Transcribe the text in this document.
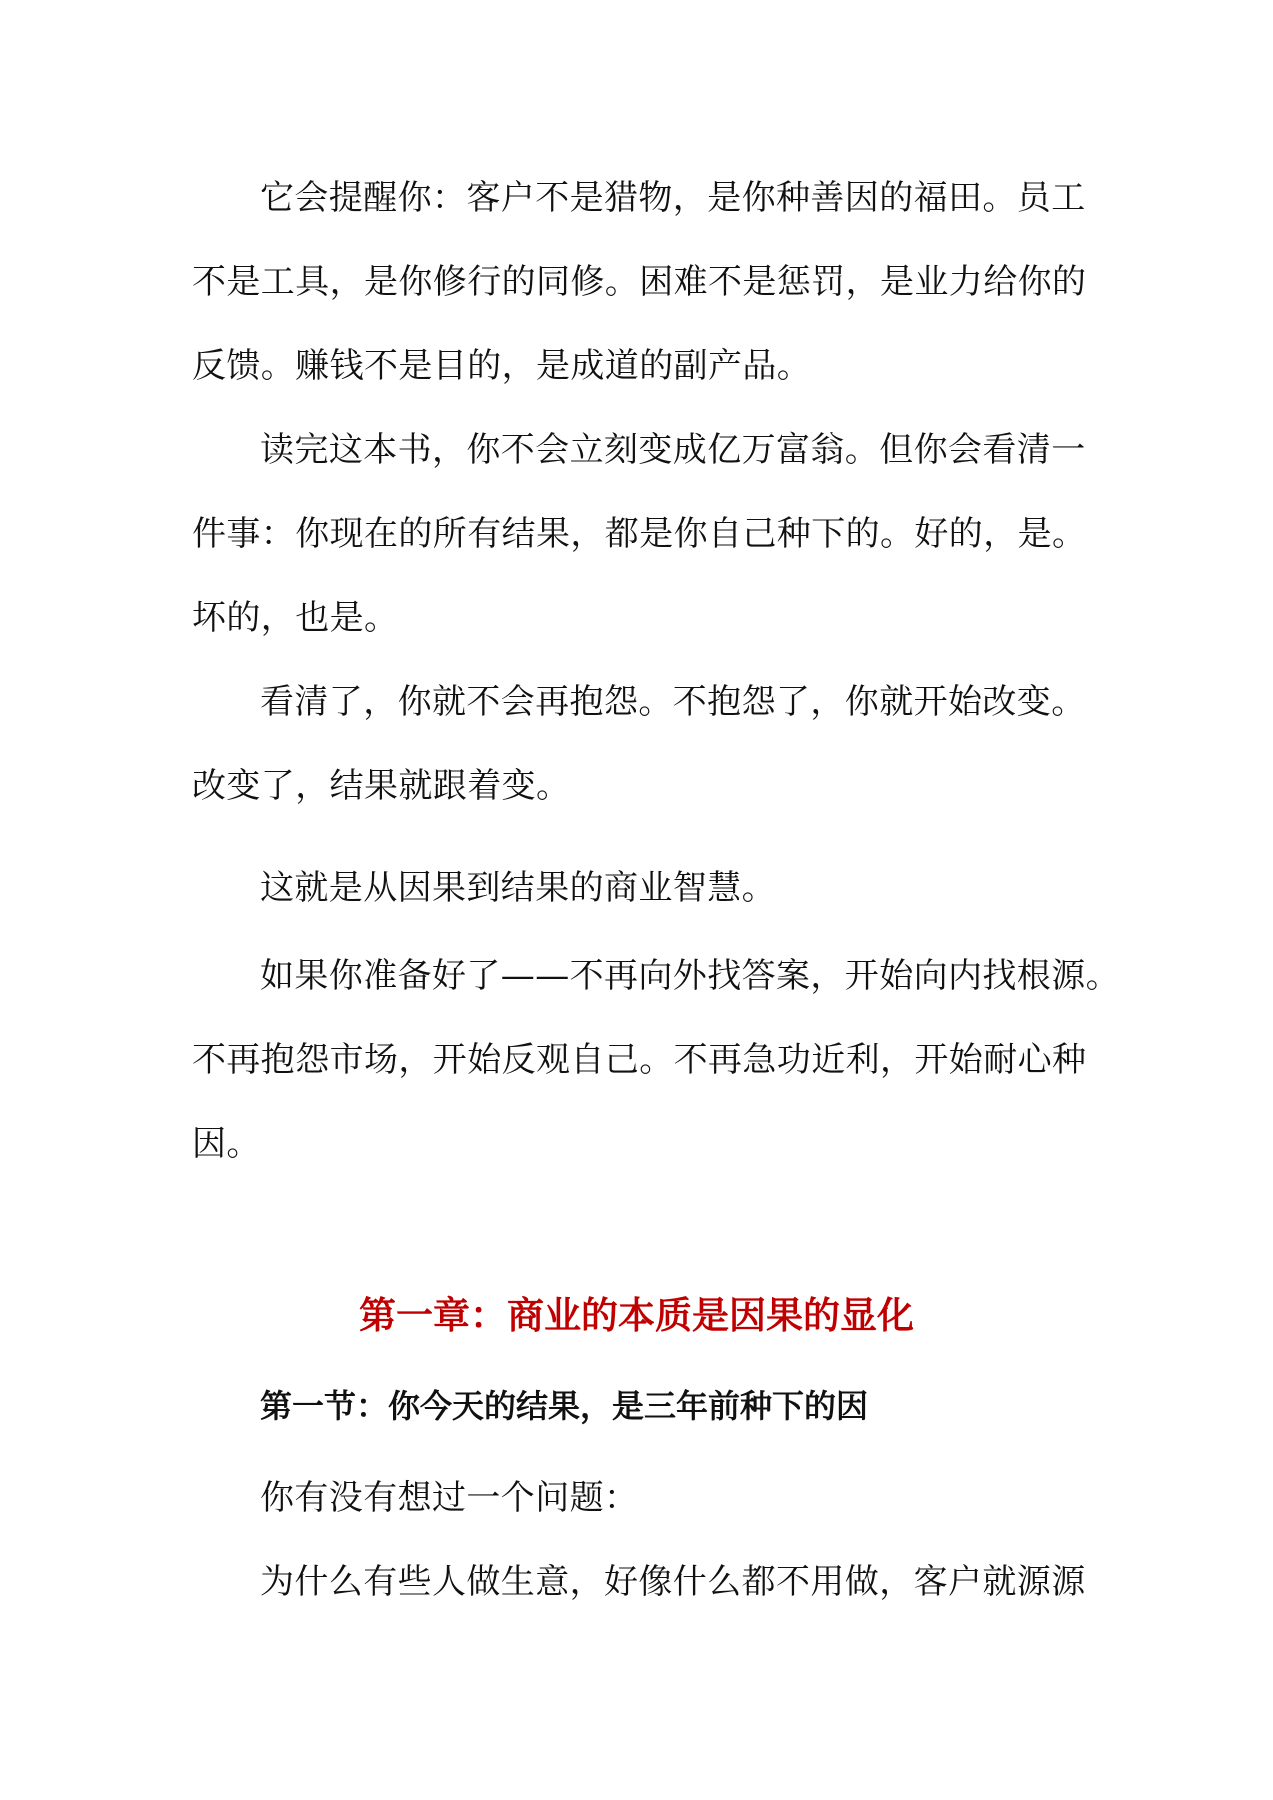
它会提醒你：客户不是猎物，是你种善因的福田。员工
不是工具，是你修行的同修。困难不是惩罚，是业力给你的
反馈。赚钱不是目的，是成道的副产品。

读完这本书，你不会立刻变成亿万富翁。但你会看清一
件事：你现在的所有结果，都是你自己种下的。好的，是。
坏的，也是。

看清了，你就不会再抱怨。不抱怨了，你就开始改变。
改变了，结果就跟着变。

这就是从因果到结果的商业智慧。

如果你准备好了——不再向外找答案，开始向内找根源。
不再抱怨市场，开始反观自己。不再急功近利，开始耐心种
因。

第一章：商业的本质是因果的显化
第一节：你今天的结果，是三年前种下的因

你有没有想过一个问题：

为什么有些人做生意，好像什么都不用做，客户就源源
